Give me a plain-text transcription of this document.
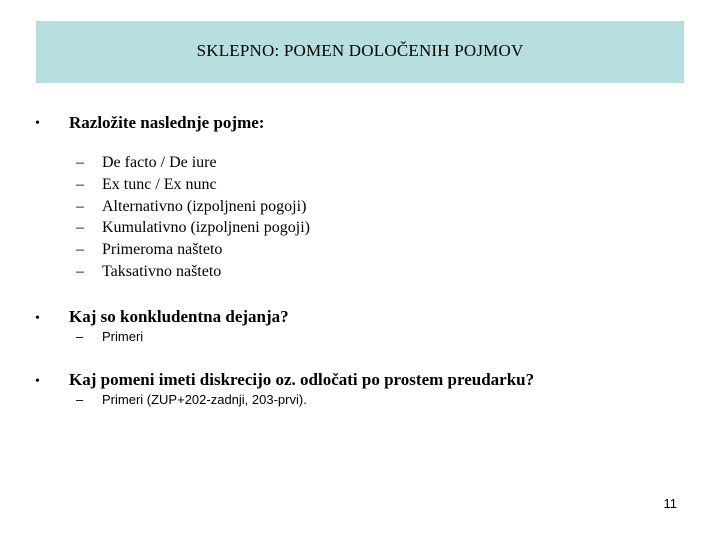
SKLEPNO: POMEN DOLOČENIH POJMOV
• Razložite naslednje pojme:
–	De facto / De iure
–	Ex tunc / Ex nunc
–	Alternativno (izpoljneni pogoji)
–	Kumulativno (izpoljneni pogoji)
–	Primeroma našteto
–	Taksativno našteto
• Kaj so konkludentna dejanja?
–	Primeri
• Kaj pomeni imeti diskrecijo oz. odločati po prostem preudarku?
–	Primeri (ZUP+202-zadnji, 203-prvi).
11
